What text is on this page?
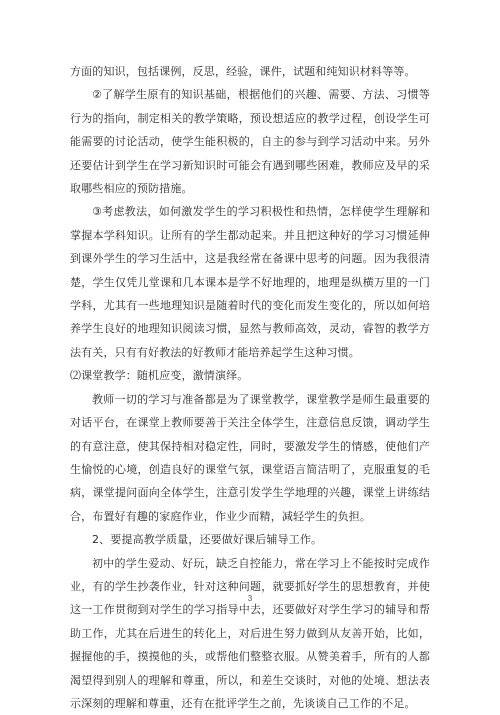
方面的知识，包括课例，反思，经验，课件，试题和纯知识材料等等。

②了解学生原有的知识基础，根据他们的兴趣、需要、方法、习惯等行为的指向，制定相关的教学策略，预设想适应的教学过程，创设学生可能需要的讨论活动，使学生能积极的，自主的参与到学习活动中来。另外还要估计到学生在学习新知识时可能会有遇到哪些困难，教师应及早的采取哪些相应的预防措施。

③考虑教法，如何激发学生的学习积极性和热情，怎样使学生理解和掌握本学科知识。让所有的学生都动起来。并且把这种好的学习习惯延伸到课外学生的学习生活中，这是我经常在备课中思考的问题。因为我很清楚，学生仅凭儿堂课和几本课本是学不好地理的，地理是纵横万里的一门学科，尤其有一些地理知识是随着时代的变化而发生变化的，所以如何培养学生良好的地理知识阅读习惯，显然与教师高效，灵动，睿智的教学方法有关，只有有好教法的好教师才能培养起学生这种习惯。

⑵课堂教学：随机应变，激情演绎。

教师一切的学习与准备都是为了课堂教学，课堂教学是师生最重要的对话平台，在课堂上教师要善于关注全体学生，注意信息反馈，调动学生的有意注意，使其保持相对稳定性，同时，要激发学生的情感，使他们产生愉悦的心境，创造良好的课堂气氛，课堂语言简洁明了，克服重复的毛病，课堂提问面向全体学生，注意引发学生学地理的兴趣，课堂上讲练结合，布置好有趣的家庭作业，作业少而精，减轻学生的负担。

2、要提高教学质量，还要做好课后辅导工作。

初中的学生爱动、好玩，缺乏自控能力，常在学习上不能按时完成作业，有的学生抄袭作业，针对这种问题，就要抓好学生的思想教育，并使这一工作贯彻到对学生的学习指导中去，还要做好对学生学习的辅导和帮助工作，尤其在后进生的转化上，对后进生努力做到从友善开始，比如，握握他的手，摸摸他的头，或帮他们整整衣服。从赞美着手，所有的人都渴望得到别人的理解和尊重，所以，和差生交谈时，对他的处境、想法表示深刻的理解和尊重，还有在批评学生之前，先谈谈自己工作的不足。

3
